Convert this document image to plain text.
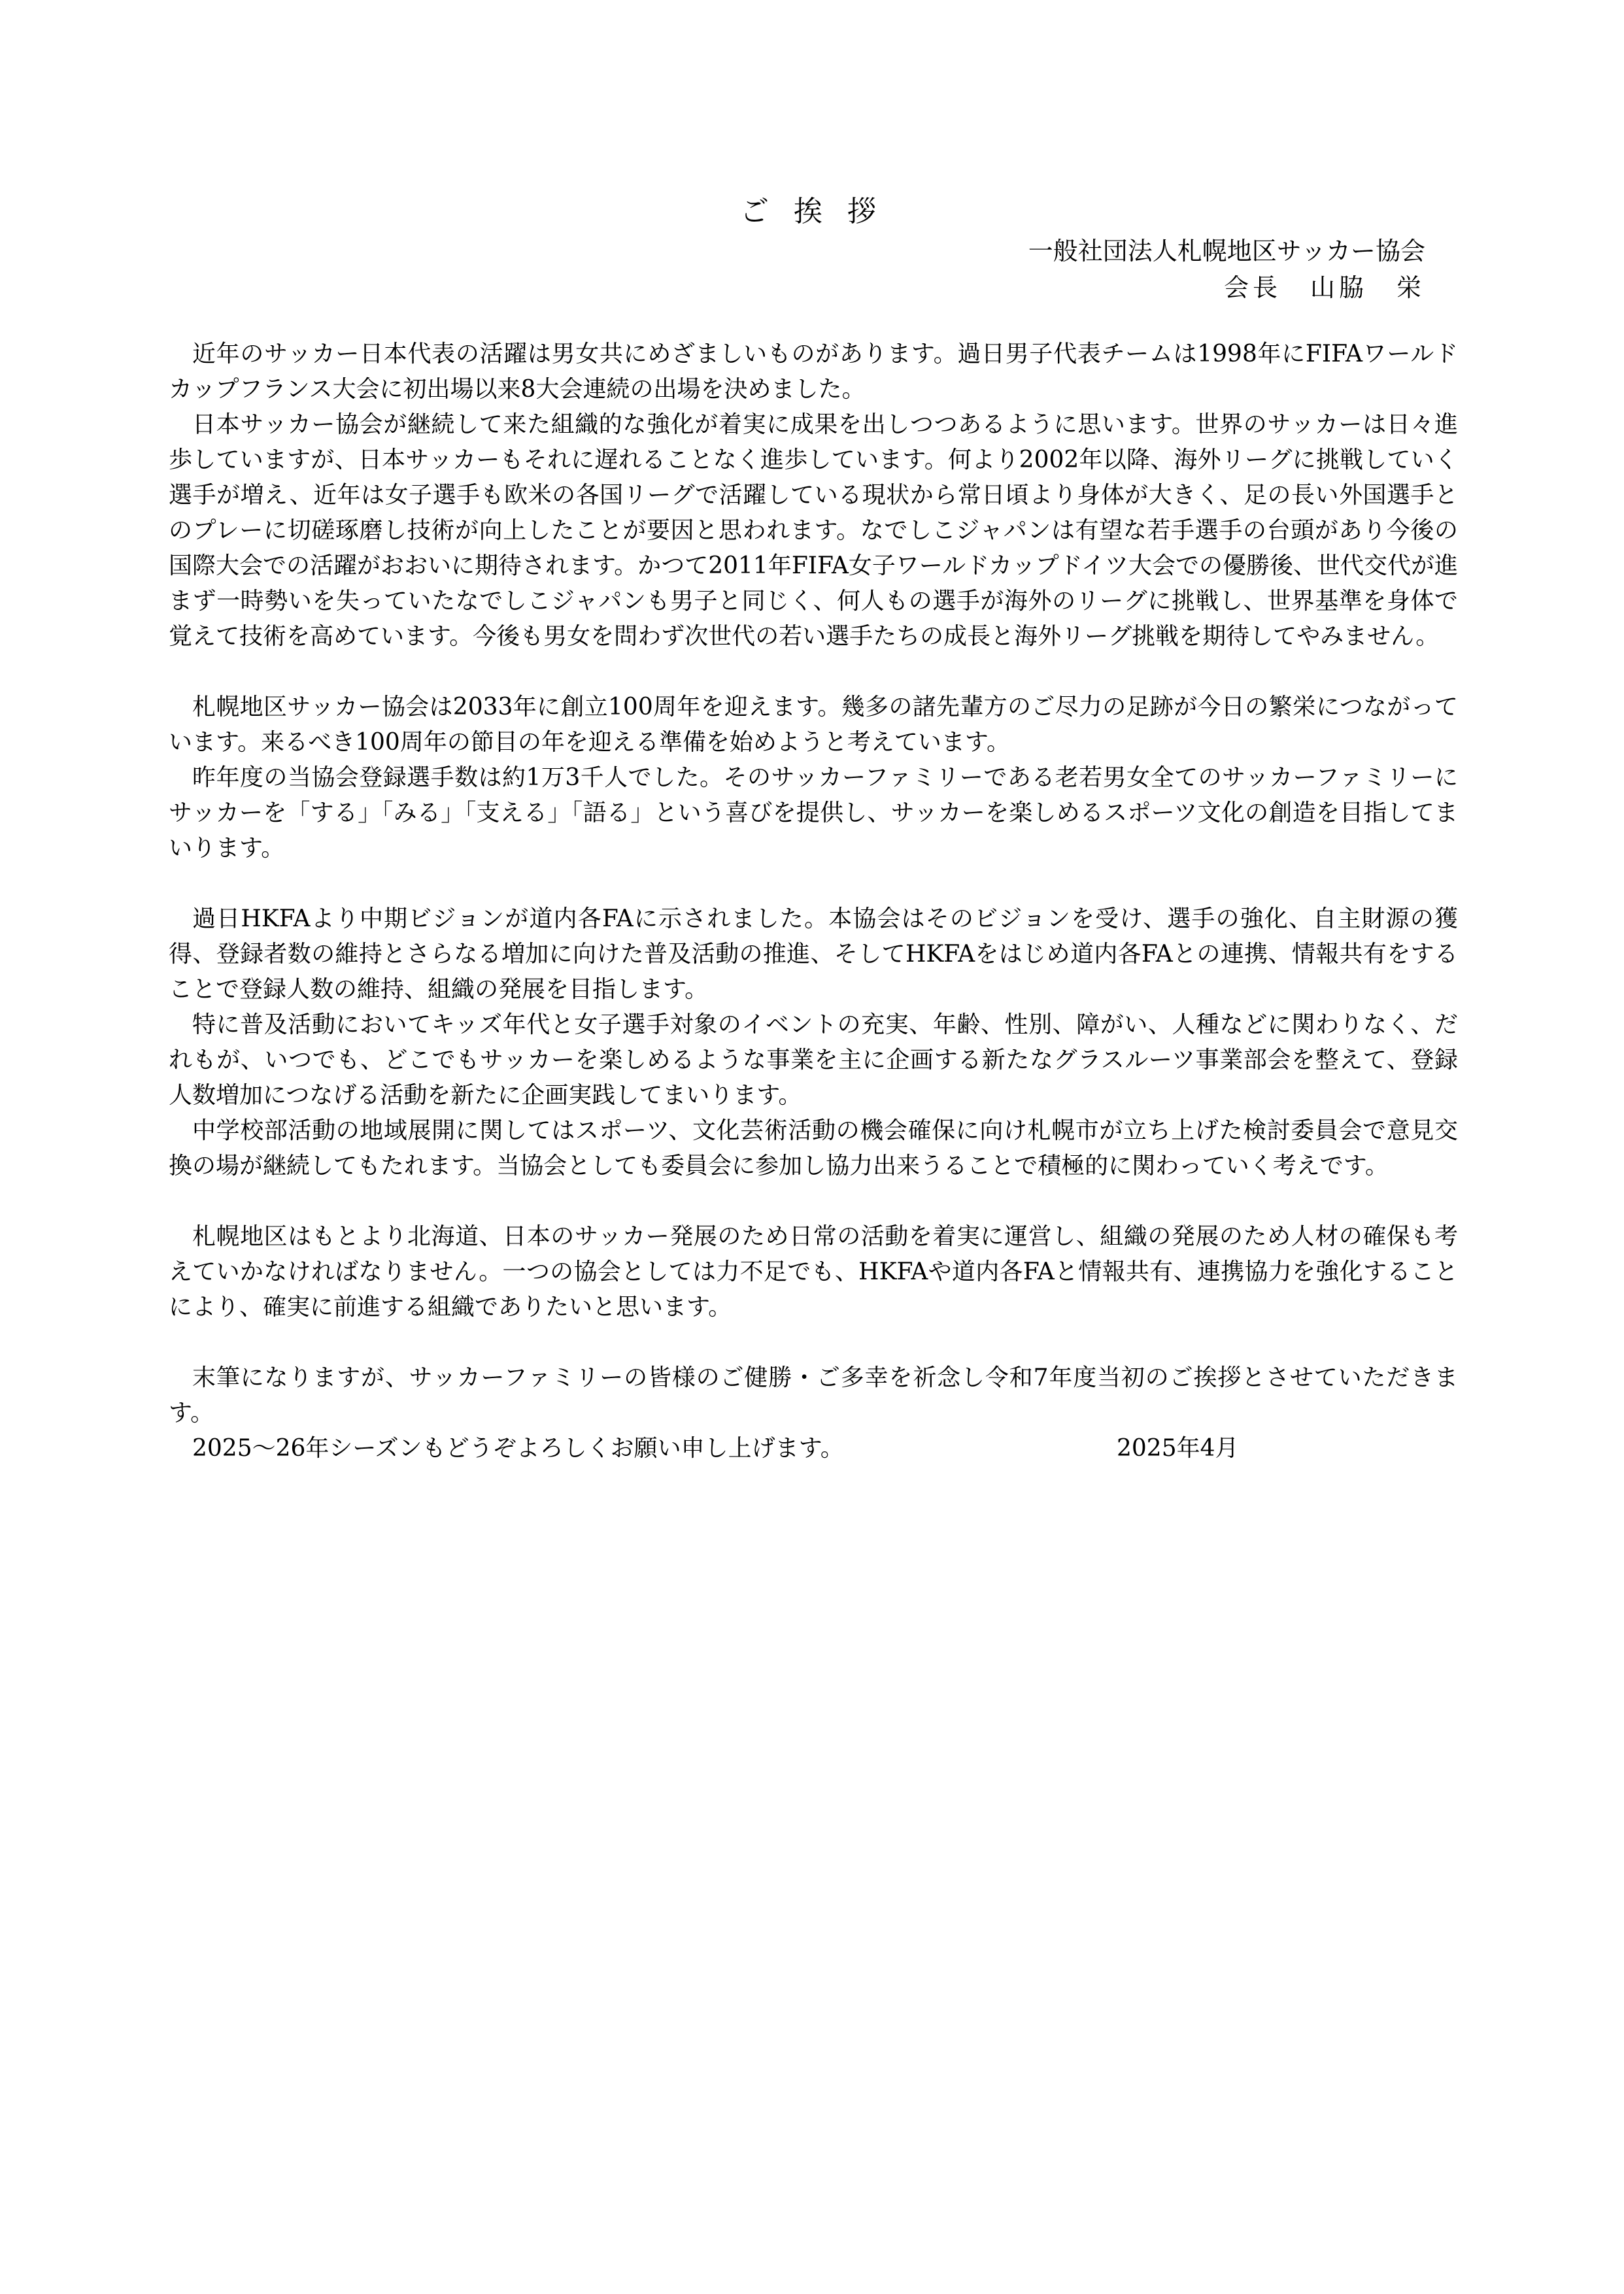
ご 挨 拶
一般社団法人札幌地区サッカー協会
会長　山脇　栄

近年のサッカー日本代表の活躍は男女共にめざましいものがあります。過日男子代表チームは1998年にFIFAワールドカップフランス大会に初出場以来8大会連続の出場を決めました。

日本サッカー協会が継続して来た組織的な強化が着実に成果を出しつつあるように思います。世界のサッカーは日々進歩していますが、日本サッカーもそれに遅れることなく進歩しています。何より2002年以降、海外リーグに挑戦していく選手が増え、近年は女子選手も欧米の各国リーグで活躍している現状から常日頃より身体が大きく、足の長い外国選手とのプレーに切磋琢磨し技術が向上したことが要因と思われます。なでしこジャパンは有望な若手選手の台頭があり今後の国際大会での活躍がおおいに期待されます。かつて2011年FIFA女子ワールドカップドイツ大会での優勝後、世代交代が進まず一時勢いを失っていたなでしこジャパンも男子と同じく、何人もの選手が海外のリーグに挑戦し、世界基準を身体で覚えて技術を高めています。今後も男女を問わず次世代の若い選手たちの成長と海外リーグ挑戦を期待してやみません。

札幌地区サッカー協会は2033年に創立100周年を迎えます。幾多の諸先輩方のご尽力の足跡が今日の繁栄につながっています。来るべき100周年の節目の年を迎える準備を始めようと考えています。

昨年度の当協会登録選手数は約1万3千人でした。そのサッカーファミリーである老若男女全てのサッカーファミリーにサッカーを「する」「みる」「支える」「語る」という喜びを提供し、サッカーを楽しめるスポーツ文化の創造を目指してまいります。

過日HKFAより中期ビジョンが道内各FAに示されました。本協会はそのビジョンを受け、選手の強化、自主財源の獲得、登録者数の維持とさらなる増加に向けた普及活動の推進、そしてHKFAをはじめ道内各FAとの連携、情報共有をすることで登録人数の維持、組織の発展を目指します。

特に普及活動においてキッズ年代と女子選手対象のイベントの充実、年齢、性別、障がい、人種などに関わりなく、だれもが、いつでも、どこでもサッカーを楽しめるような事業を主に企画する新たなグラスルーツ事業部会を整えて、登録人数増加につなげる活動を新たに企画実践してまいります。

中学校部活動の地域展開に関してはスポーツ、文化芸術活動の機会確保に向け札幌市が立ち上げた検討委員会で意見交換の場が継続してもたれます。当協会としても委員会に参加し協力出来うることで積極的に関わっていく考えです。

札幌地区はもとより北海道、日本のサッカー発展のため日常の活動を着実に運営し、組織の発展のため人材の確保も考えていかなければなりません。一つの協会としては力不足でも、HKFAや道内各FAと情報共有、連携協力を強化することにより、確実に前進する組織でありたいと思います。

末筆になりますが、サッカーファミリーの皆様のご健勝・ご多幸を祈念し令和7年度当初のご挨拶とさせていただきます。

2025～26年シーズンもどうぞよろしくお願い申し上げます。	2025年4月
